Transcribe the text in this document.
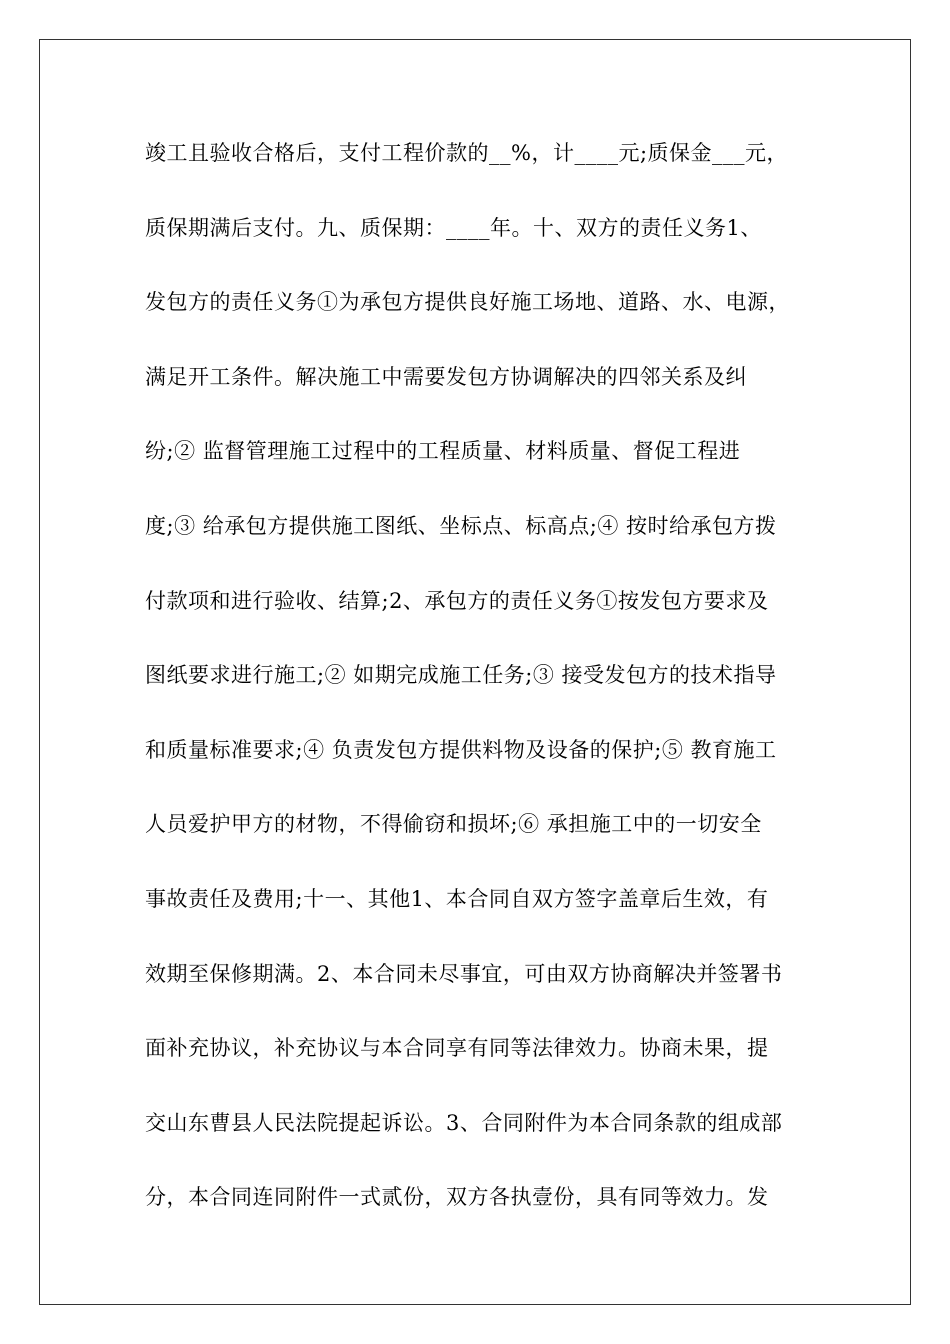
竣工且验收合格后，支付工程价款的__%，计____元;质保金___元，
质保期满后支付。九、质保期：____年。十、双方的责任义务1、
发包方的责任义务①为承包方提供良好施工场地、道路、水、电源，
满足开工条件。解决施工中需要发包方协调解决的四邻关系及纠
纷;② 监督管理施工过程中的工程质量、材料质量、督促工程进
度;③ 给承包方提供施工图纸、坐标点、标高点;④ 按时给承包方拨
付款项和进行验收、结算;2、承包方的责任义务①按发包方要求及
图纸要求进行施工;② 如期完成施工任务;③ 接受发包方的技术指导
和质量标准要求;④ 负责发包方提供料物及设备的保护;⑤ 教育施工
人员爱护甲方的材物，不得偷窃和损坏;⑥ 承担施工中的一切安全
事故责任及费用;十一、其他1、本合同自双方签字盖章后生效，有
效期至保修期满。2、本合同未尽事宜，可由双方协商解决并签署书
面补充协议，补充协议与本合同享有同等法律效力。协商未果，提
交山东曹县人民法院提起诉讼。3、合同附件为本合同条款的组成部
分，本合同连同附件一式贰份，双方各执壹份，具有同等效力。发
